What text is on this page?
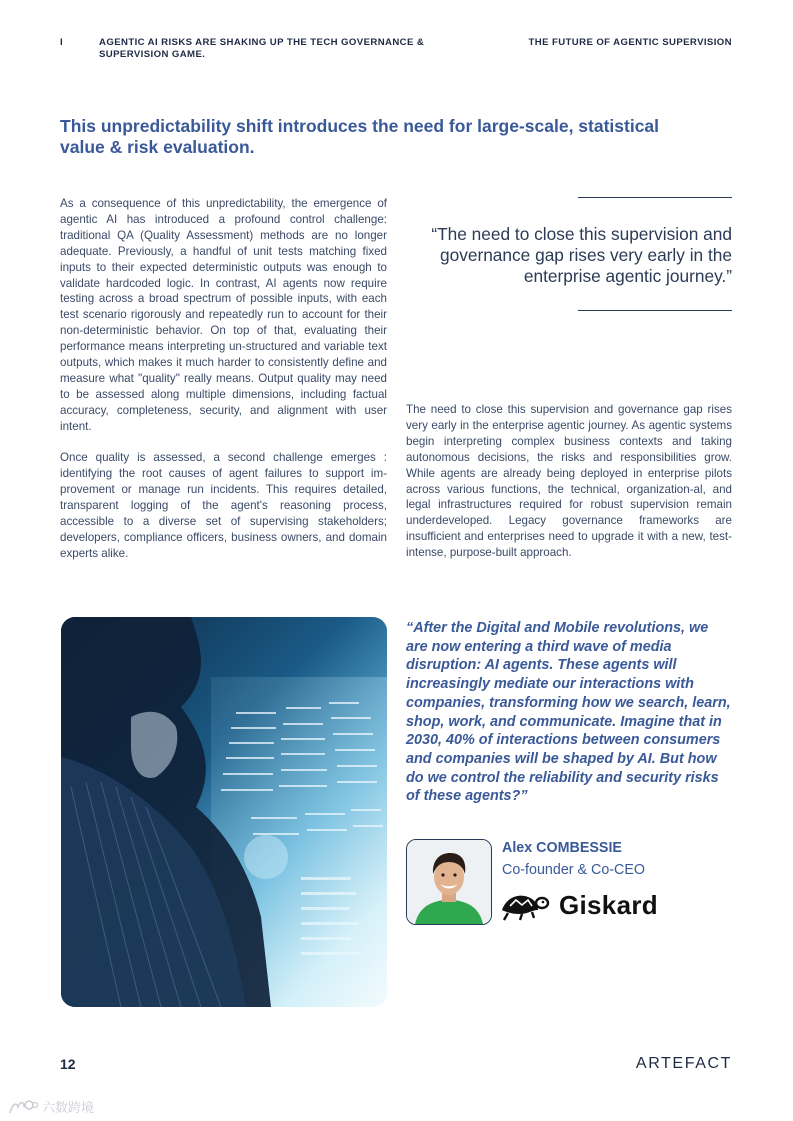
I	AGENTIC AI RISKS ARE SHAKING UP THE TECH GOVERNANCE & SUPERVISION GAME.
THE FUTURE OF AGENTIC SUPERVISION
This unpredictability shift introduces the need for large-scale, statistical value & risk evaluation.

As a consequence of this unpredictability, the emergence of agentic AI has introduced a profound control challenge: traditional QA (Quality Assessment) methods are no longer adequate. Previously, a handful of unit tests matching fixed inputs to their expected deterministic outputs was enough to validate hardcoded logic. In contrast, AI agents now require testing across a broad spectrum of possible inputs, with each test scenario rigorously and repeatedly run to account for their non-deterministic behavior. On top of that, evaluating their performance means interpreting un-structured and variable text outputs, which makes it much harder to consistently define and measure what "quality" really means. Output quality may need to be assessed along multiple dimensions, including factual accuracy, completeness, security, and alignment with user intent.

Once quality is assessed, a second challenge emerges : identifying the root causes of agent failures to support im-provement or manage run incidents. This requires detailed, transparent logging of the agent's reasoning process, accessible to a diverse set of supervising stakeholders; developers, compliance officers, business owners, and domain experts alike.

“The need to close this supervision and governance gap rises very early in the enterprise agentic journey.”

The need to close this supervision and governance gap rises very early in the enterprise agentic journey. As agentic systems begin interpreting complex business contexts and taking autonomous decisions, the risks and responsibilities grow. While agents are already being deployed in enterprise pilots across various functions, the technical, organization-al, and legal infrastructures required for robust supervision remain underdeveloped. Legacy governance frameworks are insufficient and enterprises need to upgrade it with a new, test-intense, purpose-built approach.

“After the Digital and Mobile revolutions, we are now entering a third wave of media disruption: AI agents. These agents will increasingly mediate our interactions with companies, transforming how we search, learn, shop, work, and communicate. Imagine that in 2030, 40% of interactions between consumers and companies will be shaped by AI. But how do we control the reliability and security risks of these agents?”

Alex COMBESSIE
Co-founder & Co-CEO
Giskard
12	ARTEFACT
六数跨境
